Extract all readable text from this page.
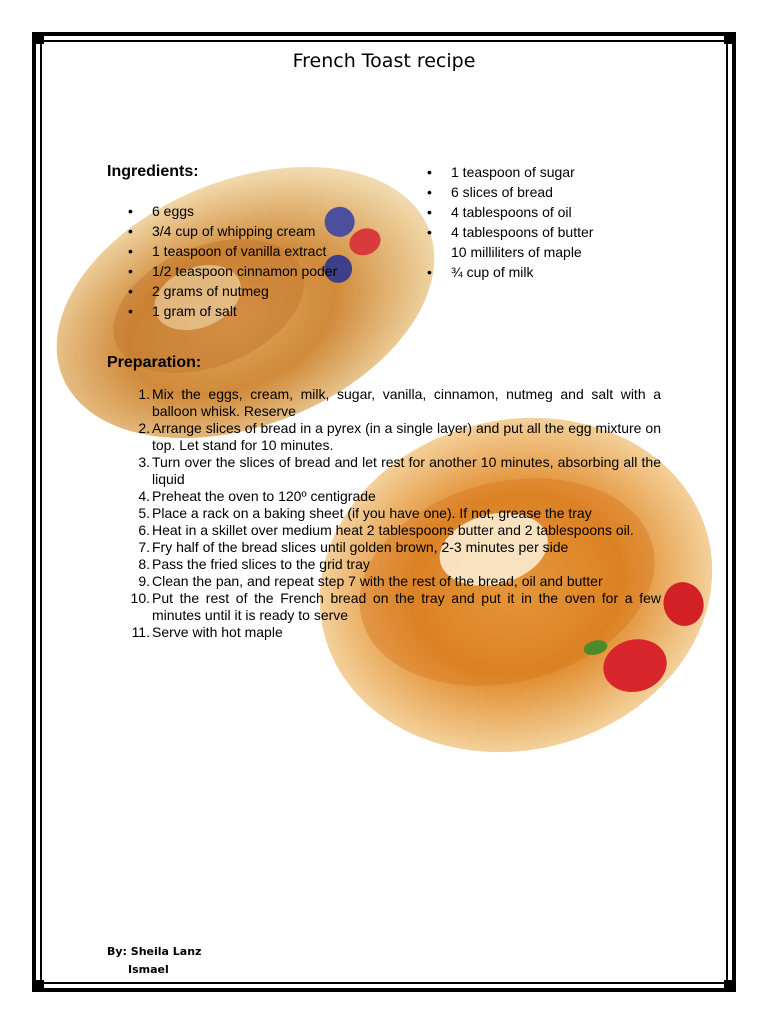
French Toast recipe
Ingredients:
• 6 eggs
• 3/4 cup of whipping cream
• 1 teaspoon of vanilla extract
• 1/2 teaspoon cinnamon poder
• 2 grams of nutmeg
• 1 gram of salt
• 1 teaspoon of sugar
• 6 slices of bread
• 4 tablespoons of oil
• 4 tablespoons of butter
10 milliliters of maple
• ¾ cup of milk
Preparation:
1. Mix the eggs, cream, milk, sugar, vanilla, cinnamon, nutmeg and salt with a balloon whisk. Reserve
2. Arrange slices of bread in a pyrex (in a single layer) and put all the egg mixture on top. Let stand for 10 minutes.
3. Turn over the slices of bread and let rest for another 10 minutes, absorbing all the liquid
4. Preheat the oven to 120º centigrade
5. Place a rack on a baking sheet (if you have one). If not, grease the tray
6. Heat in a skillet over medium heat 2 tablespoons butter and 2 tablespoons oil.
7. Fry half of the bread slices until golden brown, 2-3 minutes per side
8. Pass the fried slices to the grid tray
9. Clean the pan, and repeat step 7 with the rest of the bread, oil and butter
10. Put the rest of the French bread on the tray and put it in the oven for a few minutes until it is ready to serve
11. Serve with hot maple
By: Sheila Lanz
Ismael
